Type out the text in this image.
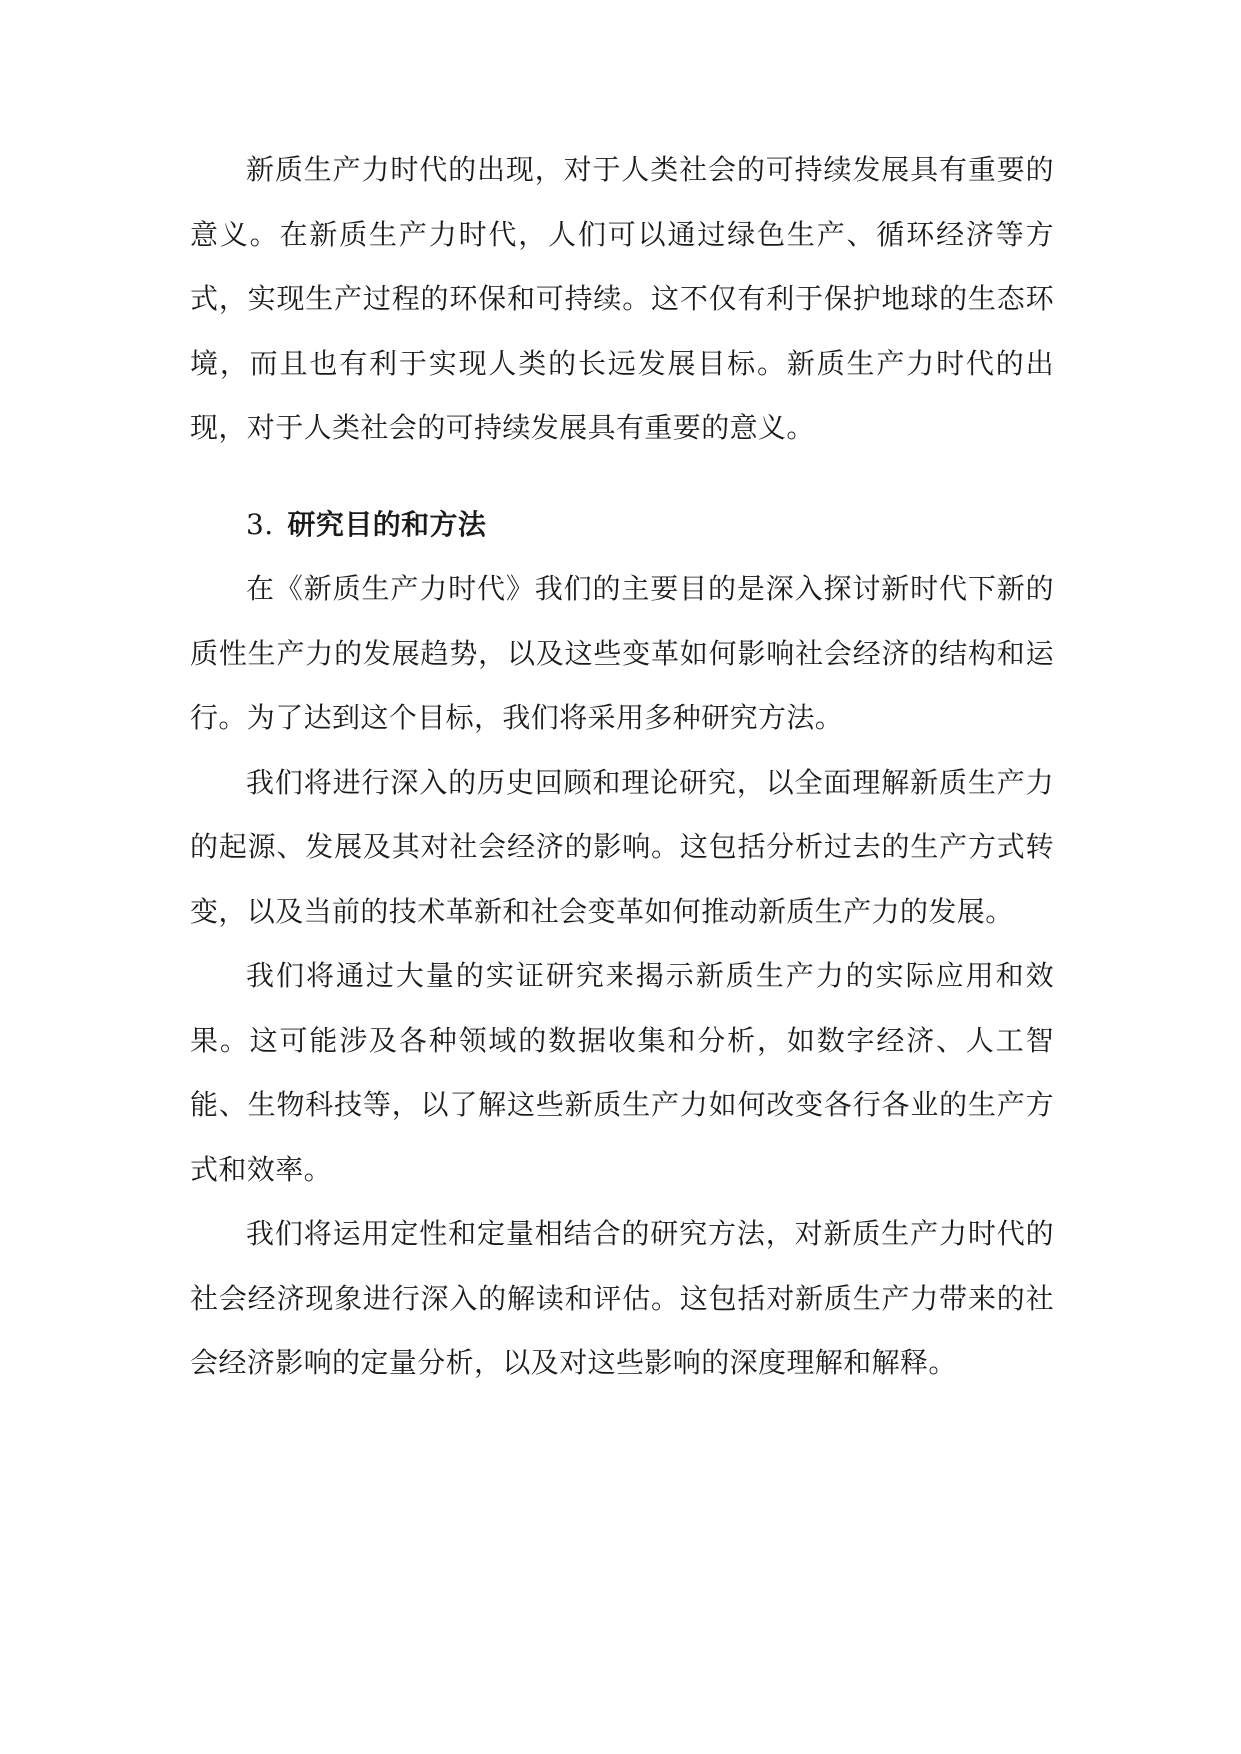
新质生产力时代的出现，对于人类社会的可持续发展具有重要的意义。在新质生产力时代，人们可以通过绿色生产、循环经济等方式，实现生产过程的环保和可持续。这不仅有利于保护地球的生态环境，而且也有利于实现人类的长远发展目标。新质生产力时代的出现，对于人类社会的可持续发展具有重要的意义。

3. 研究目的和方法

在《新质生产力时代》我们的主要目的是深入探讨新时代下新的质性生产力的发展趋势，以及这些变革如何影响社会经济的结构和运行。为了达到这个目标，我们将采用多种研究方法。

我们将进行深入的历史回顾和理论研究，以全面理解新质生产力的起源、发展及其对社会经济的影响。这包括分析过去的生产方式转变，以及当前的技术革新和社会变革如何推动新质生产力的发展。

我们将通过大量的实证研究来揭示新质生产力的实际应用和效果。这可能涉及各种领域的数据收集和分析，如数字经济、人工智能、生物科技等，以了解这些新质生产力如何改变各行各业的生产方式和效率。

我们将运用定性和定量相结合的研究方法，对新质生产力时代的社会经济现象进行深入的解读和评估。这包括对新质生产力带来的社会经济影响的定量分析，以及对这些影响的深度理解和解释。
